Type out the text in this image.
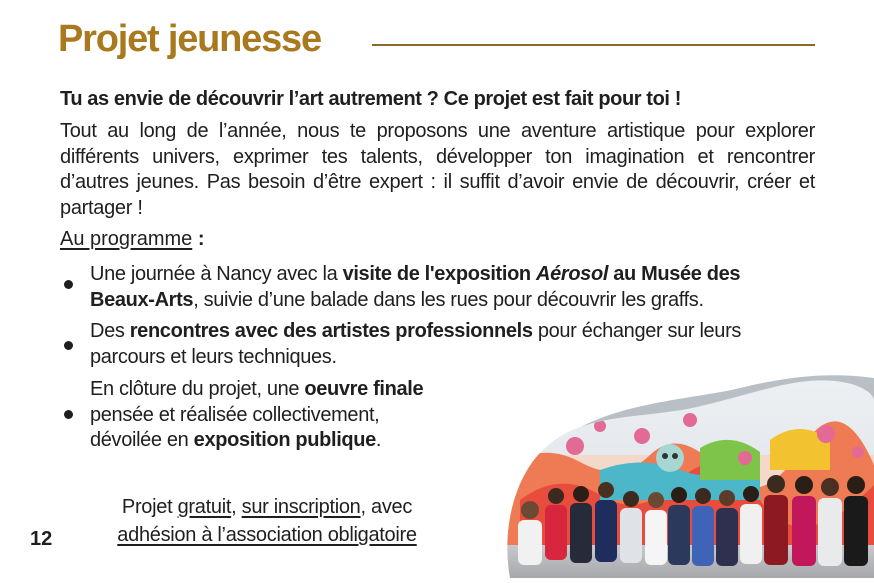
Projet jeunesse
Tu as envie de découvrir l’art autrement ? Ce projet est fait pour toi !
Tout au long de l’année, nous te proposons une aventure artistique pour explorer différents univers, exprimer tes talents, développer ton imagination et rencontrer d’autres jeunes. Pas besoin d’être expert : il suffit d’avoir envie de découvrir, créer et partager !
Au programme :
Une journée à Nancy avec la visite de l'exposition Aérosol au Musée des
Beaux-Arts, suivie d’une balade dans les rues pour découvrir les graffs.
Des rencontres avec des artistes professionnels pour échanger sur leurs
parcours et leurs techniques.
En clôture du projet, une oeuvre finale
pensée et réalisée collectivement,
dévoilée en exposition publique.
Projet gratuit, sur inscription, avec
adhésion à l’association obligatoire
12
